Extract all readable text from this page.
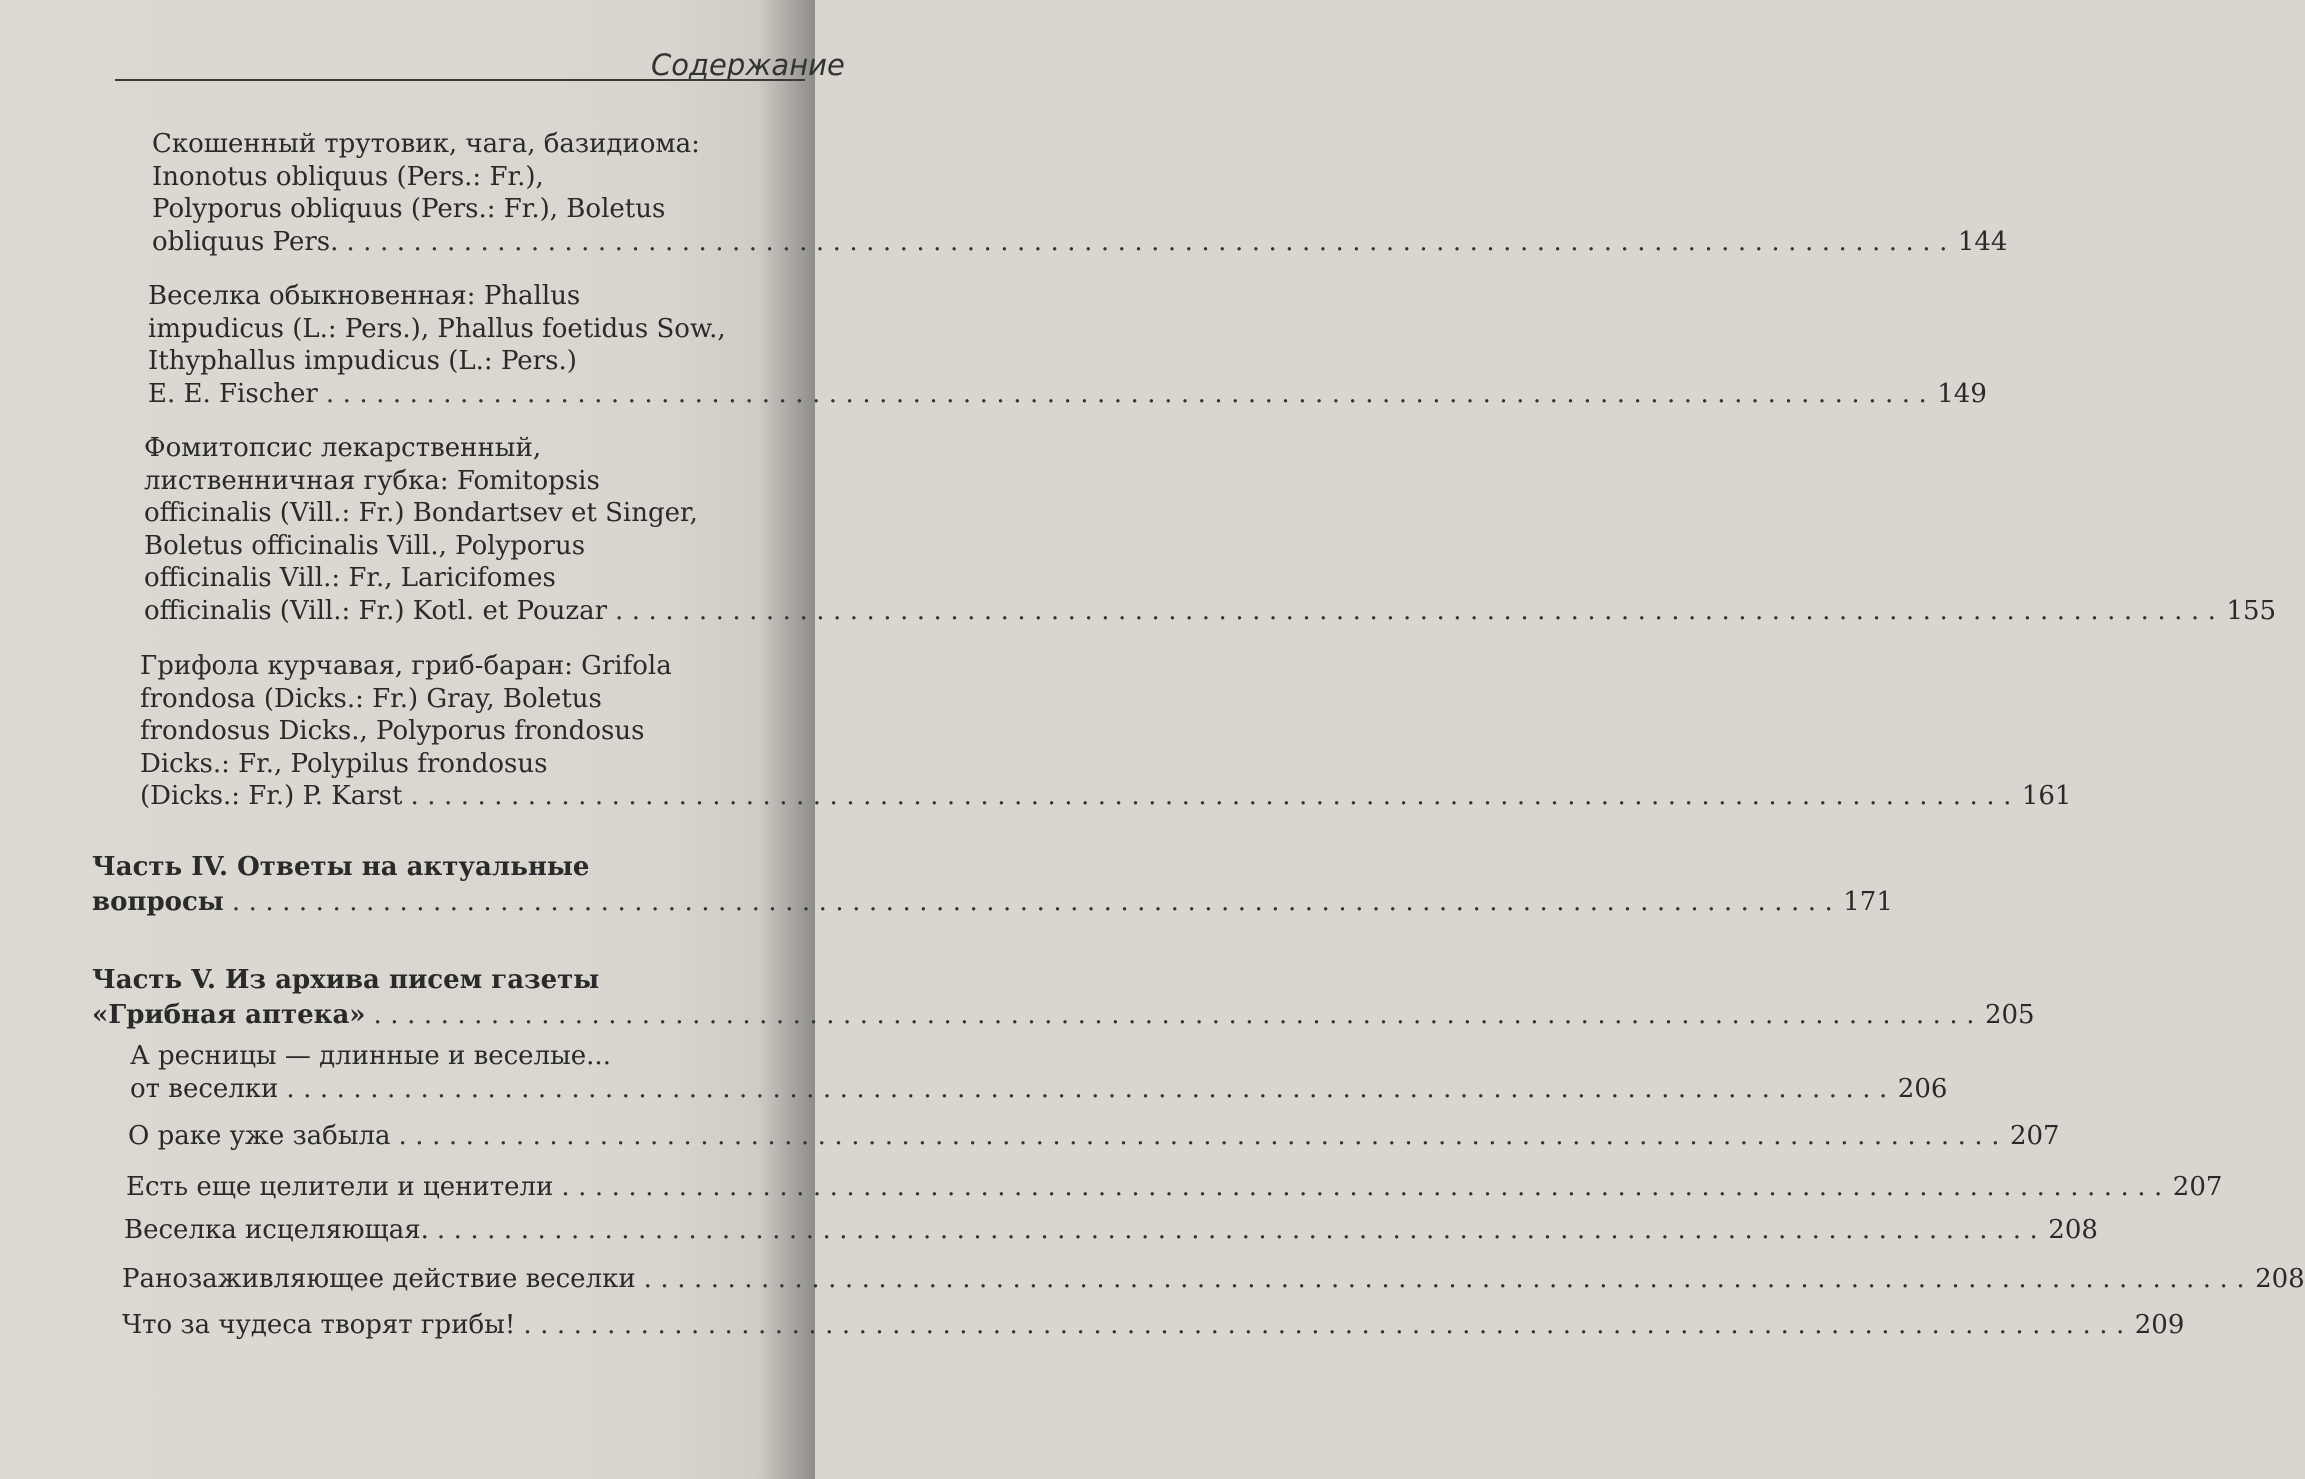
Содержание
Скошенный трутовик, чага, базидиома:
Inonotus obliquus (Pers.: Fr.),
Polyporus obliquus (Pers.: Fr.), Boletus
obliquus Pers. .....	144
Веселка обыкновенная: Phallus
impudicus (L.: Pers.), Phallus foetidus Sow.,
Ithyphallus impudicus (L.: Pers.)
E. E. Fischer .....	149
Фомитопсис лекарственный,
лиственничная губка: Fomitopsis
officinalis (Vill.: Fr.) Bondartsev et Singer,
Boletus officinalis Vill., Polyporus
officinalis Vill.: Fr., Laricifomes
officinalis (Vill.: Fr.) Kotl. et Pouzar .....	155
Грифола курчавая, гриб-баран: Grifola
frondosa (Dicks.: Fr.) Gray, Boletus
frondosus Dicks., Polyporus frondosus
Dicks.: Fr., Polypilus frondosus
(Dicks.: Fr.) P. Karst .....	161
Часть IV. Ответы на актуальные
вопросы .....	171
Часть V. Из архива писем газеты
«Грибная аптека» .....	205
А ресницы — длинные и веселые...
от веселки .....	206
О раке уже забыла .....	207
Есть еще целители и ценители .....	207
Веселка исцеляющая. .....	208
Ранозаживляющее действие веселки .....	208
Что за чудеса творят грибы! .....	209
